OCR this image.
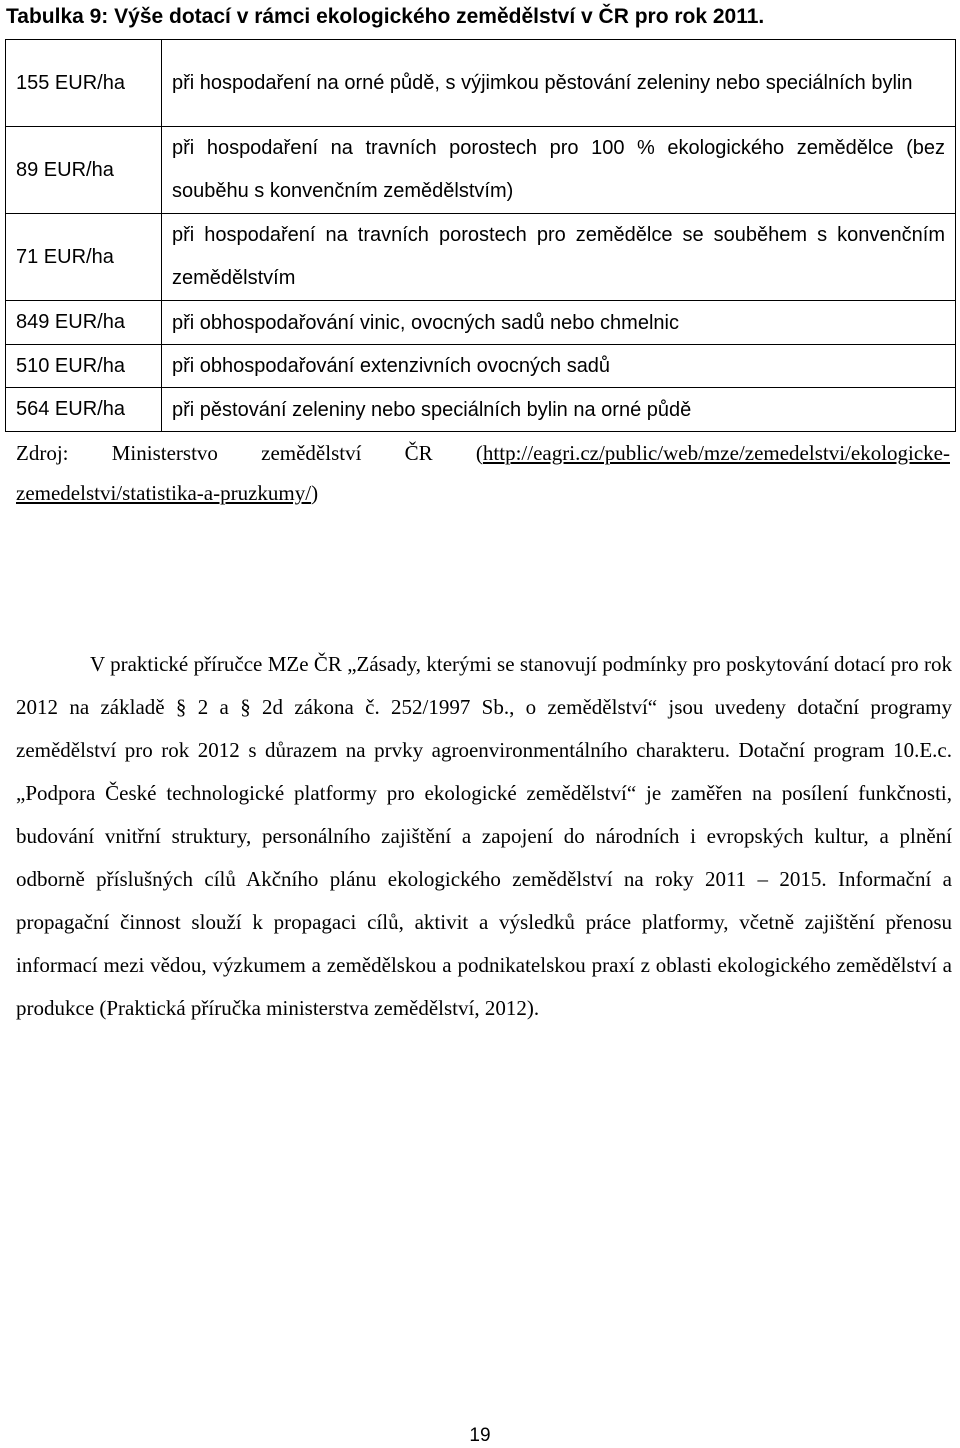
Tabulka 9: Výše dotací v rámci ekologického zemědělství v ČR pro rok 2011.
155 EUR/ha	při hospodaření na orné půdě, s výjimkou pěstování zeleniny nebo speciálních bylin
89 EUR/ha	při hospodaření na travních porostech pro 100 % ekologického zemědělce (bez souběhu s konvenčním zemědělstvím)
71 EUR/ha	při hospodaření na travních porostech pro zemědělce se souběhem s konvenčním zemědělstvím
849 EUR/ha	při obhospodařování vinic, ovocných sadů nebo chmelnic
510 EUR/ha	při obhospodařování extenzivních ovocných sadů
564 EUR/ha	při pěstování zeleniny nebo speciálních bylin na orné půdě
Zdroj: Ministerstvo zemědělství ČR (http://eagri.cz/public/web/mze/zemedelstvi/ekologicke-zemedelstvi/statistika-a-pruzkumy/)

V praktické příručce MZe ČR „Zásady, kterými se stanovují podmínky pro poskytování dotací pro rok 2012 na základě § 2 a § 2d zákona č. 252/1997 Sb., o zemědělství“ jsou uvedeny dotační programy zemědělství pro rok 2012 s důrazem na prvky agroenvironmentálního charakteru. Dotační program 10.E.c. „Podpora České technologické platformy pro ekologické zemědělství“ je zaměřen na posílení funkčnosti, budování vnitřní struktury, personálního zajištění a zapojení do národních i evropských kultur, a plnění odborně příslušných cílů Akčního plánu ekologického zemědělství na roky 2011 – 2015. Informační a propagační činnost slouží k propagaci cílů, aktivit a výsledků práce platformy, včetně zajištění přenosu informací mezi vědou, výzkumem a zemědělskou a podnikatelskou praxí z oblasti ekologického zemědělství a produkce (Praktická příručka ministerstva zemědělství, 2012).

19
